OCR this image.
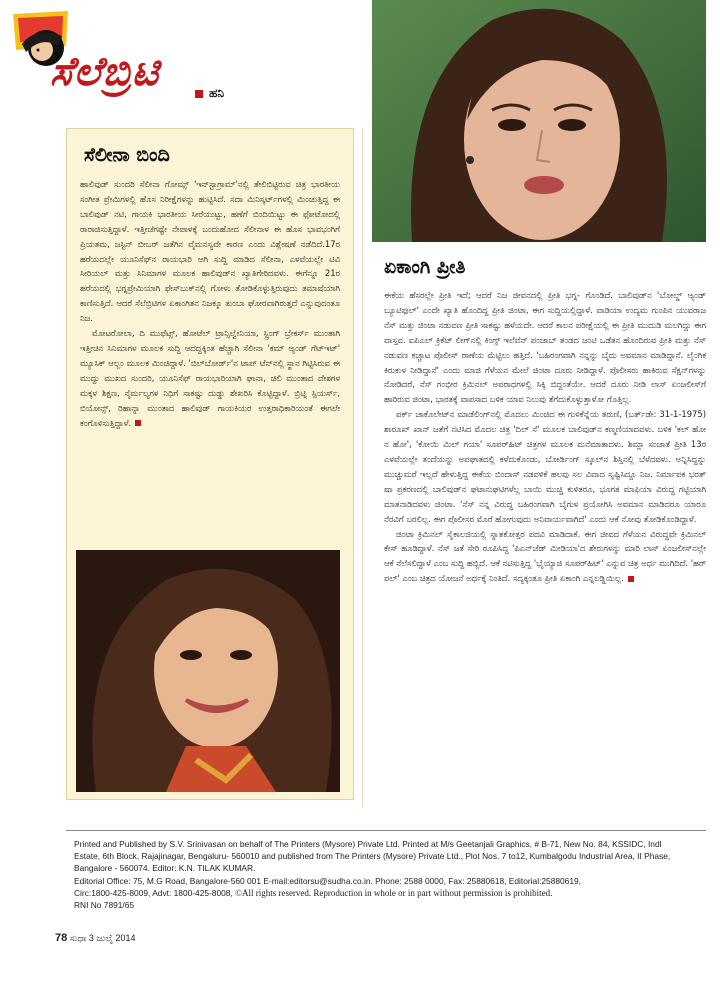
ಸೆಲೆಬ್ರಿಟಿ	ಹನಿ
ಸೆಲೀನಾ ಬಿಂದಿ

ಹಾಲಿವುಡ್ ಸುಂದರಿ ಸೆಲೀನಾ ಗೋಮ್ಸ್ 'ಇನ್‌ಸ್ಟಾಗ್ರಾಮ್'ನಲ್ಲಿ ತೇಲಿಬಿಟ್ಟಿರುವ ಚಿತ್ರ ಭಾರತೀಯ ಸಂಗೀತ ಪ್ರೇಮಿಗಳಲ್ಲಿ ಹೊಸ ನಿರೀಕ್ಷೆಗಳನ್ನು ಹುಟ್ಟಿಸಿದೆ. ಸದಾ ಮಿನಿಸ್ಕರ್ಟ್‌ಗಳಲ್ಲಿ ಮಿಂಚುತ್ತಿದ್ದ ಈ ಬಾಲಿವುಡ್ ನಟಿ, ಗಾಯಕಿ ಭಾರತೀಯ ಸೀರೆಯುಟ್ಟು, ಹಣೆಗೆ ಬಿಂದಿಯಿಟ್ಟು ಈ ಫೋಟೋದಲ್ಲಿ ರಾರಾಜಿಸುತ್ತಿದ್ದಾಳೆ. ಇತ್ತೀಚೆಗಷ್ಟೇ ನೇಪಾಳಕ್ಕೆ ಬಂದುಹೋದ ಸೆಲೀನಾಳ ಈ ಹೊಸ ಭಾವಭಂಗಿಗೆ ಪ್ರಿಯತಮ, ಜಸ್ಟಿನ್ ಬೀಬರ್ ಜತೆಗಿನ ವೈಮನಸ್ಯವೇ ಕಾರಣ ಎಂದು ವಿಶ್ಲೇಷಣೆ ನಡೆದಿದೆ.17ರ ಹರೆಯದಲ್ಲೇ ಯೂನಿಸೆಫ್‌ನ ರಾಯಭಾರಿ ಆಗಿ ಸುದ್ದಿ ಮಾಡಿದ ಸೆಲೀನಾ, ಎಳವೆಯಲ್ಲೇ ಟಿವಿ ಸೀರಿಯಲ್ ಮತ್ತು ಸಿನಿಮಾಗಳ ಮೂಲಕ ಹಾಲಿವುಡ್‌ನ ಖ್ಯಾತಿಗೇರಿದವಳು. ಈಗೆನ್ನೂ 21ರ ಹರೆಯದಲ್ಲಿ ಭಗ್ನಪ್ರೇಮಿಯಾಗಿ ಫೇಸ್‌ಬುಕ್‌ನಲ್ಲಿ ಗೋಳು ತೋಡಿಕೊಳ್ಳುತ್ತಿರುವುದು ತಮಾಷೆಯಾಗಿ ಕಾಣಿಸುತ್ತಿದೆ. ಆದರೆ ಸೆಲೆಬ್ರಿಟಿಗಳ ಏಕಾಂಗಿತನ ನಿಜಕ್ಕೂ ತುಂಬಾ ಘೋರವಾಗಿರುತ್ತದೆ ಎನ್ನುವುದಂತೂ ನಿಜ.

ಮೋಟರೋಲಾ, ದಿ ಮುಫೆಟ್ಸ್, ಹೋಟೆಲ್ ಟ್ರಾನ್ಸಿಲ್ವೇನಿಯಾ, ಸ್ಪ್ರಿಂಗ್ ಬ್ರೇಕರ್ಸ್ ಮುಂತಾಗಿ ಇತ್ತೀಚಿನ ಸಿನಿಮಾಗಳ ಮೂಲಕ ಸುದ್ದಿ ಆದದ್ದಕ್ಕಿಂತ ಹೆಚ್ಚಾಗಿ ಸೆಲೀನಾ 'ಕಮ್ ಆ್ಯಂಡ್ ಗೆಟ್‌ಇಟ್' ಮ್ಯೂಸಿಕ್ ಆಲ್ಬಂ ಮೂಲಕ ಮಿಂಚಿದ್ದಾಳೆ. 'ಬಿಲ್‌ಬೋರ್ಡ್'ನ ಟಾಪ್ ಟೆನ್‌ನಲ್ಲಿ ಸ್ಥಾನ ಗಿಟ್ಟಿಸಿರುವ ಈ ಮುದ್ದು ಮುಖದ ಸುಂದರಿ, ಯೂನಿಸೆಫ್ ರಾಯಭಾರಿಯಾಗಿ ಘಾನಾ, ಚಿಲಿ ಮುಂತಾದ ದೇಶಗಳ ಮಕ್ಕಳ ಶಿಕ್ಷಣ, ನೈರ್ಮಲ್ಯಗಳ ನಿಧಿಗೆ ಸಾಕಷ್ಟು ದುಡ್ಡು ಶೇಖರಿಸಿ ಕೊಟ್ಟಿದ್ದಾಳೆ. ಬ್ರಿಟ್ನಿ ಸ್ಪಿಯರ್ಸ್, ಬಿಯೋನ್ಸ್, ರಿಹಾನ್ನಾ ಮುಂತಾದ ಹಾಲಿವುಡ್ ಗಾಯಕಿಯರ ಉತ್ತರಾಧಿಕಾರಿಯಂತೆ ಈಗಲೇ ಕಂಗೊಳಿಸುತ್ತಿದ್ದಾಳೆ.

ಏಕಾಂಗಿ ಪ್ರೀತಿ

ಈಕೆಯ ಹೆಸರಲ್ಲೇ ಪ್ರೀತಿ ಇದೆ; ಆದರೆ ನಿಜ ಜೀವನದಲ್ಲಿ ಪ್ರೀತಿ ಭಗ್ನ- ಗೊಂಡಿದೆ. ಬಾಲಿವುಡ್‌ನ 'ಬೋಲ್ಡ್ ಆ್ಯಂಡ್ ಬ್ಯೂಟಿಫುಲ್' ಎಂದೇ ಖ್ಯಾತಿ ಹೊಂದಿದ್ದ ಪ್ರೀತಿ ಜಿಂಟಾ, ಈಗ ಸುದ್ದಿಯಲ್ಲಿದ್ದಾಳೆ. ವಾಡಿಯಾ ಉದ್ಯಮ ಗುಂಪಿನ ಯುವರಾಜ ನೆಸ್ ಮತ್ತು ಜಿಂಟಾ ನಡುವಣ ಪ್ರೀತಿ ಸಾಕಷ್ಟು ಹಳೆಯದೇ. ಆದರೆ ಕಾಲನ ಪರೀಕ್ಷೆಯಲ್ಲಿ ಈ ಪ್ರೀತಿ ಮುದುಡಿ ಮಲಗಿದ್ದು ಈಗ ವಾಸ್ತವ. ಐಪಿಎಲ್ ಕ್ರಿಕೆಟ್ ಲೀಗ್‌ನಲ್ಲಿ ಕಿಂಗ್ಸ್ ಇಲೆವೆನ್ ಪಂಜಾಬ್ ತಂಡದ ಜಂಟಿ ಒಡೆತನ ಹೊಂದಿರುವ ಪ್ರೀತಿ ಮತ್ತು ನೆಸ್ ನಡುವಣ ಕಚ್ಚಾಟ ಪೊಲೀಸ್ ಠಾಣೆಯ ಮೆಟ್ಟಿಲು ಹತ್ತಿದೆ. 'ಬಹಿರಂಗವಾಗಿ ನನ್ನನ್ನು ಬೈದು ಅವಮಾನ ಮಾಡಿದ್ದಾನೆ. ಲೈಂಗಿಕ ಕಿರುಕುಳ ನೀಡಿದ್ದಾನೆ' ಎಂದು ಮಾಜಿ ಗೆಳೆಯನ ಮೇಲೆ ಜಿಂಟಾ ದೂರು ನೀಡಿದ್ದಾಳೆ. ಪೊಲೀಸರು ಹಾಕಿರುವ ಸೆಕ್ಷನ್‌ಗಳನ್ನು ನೋಡಿದರೆ, ನೆಸ್ ಗಂಭೀರ ಕ್ರಿಮಿನಲ್ ಅಪರಾಧಗಳಲ್ಲಿ ಸಿಕ್ಕಿ ಬಿದ್ದಂತೆಯೇ. ಆದರೆ ದೂರು ನೀಡಿ ಲಾಸ್ ಏಂಜಲೀಸ್‌ಗೆ ಹಾರಿರುವ ಜಿಂಟಾ, ಭಾರತಕ್ಕೆ ವಾಪಸಾದ ಬಳಿಕ ಯಾವ ನಿಲುವು ತೆಗೆದುಕೊಳ್ಳುತ್ತಾಳೋ ಗೊತ್ತಿಲ್ಲ.

ಪರ್ಕ್ ಚಾಕೊಲೇಟ್‌ನ ಮಾಡೆಲಿಂಗ್‌ನಲ್ಲಿ ಮೊದಲು ಮಿಂಚಿದ ಈ ಗುಳಿಕೆನ್ನೆಯ ತರುಣಿ, (ಬರ್ತ್‌ಡೇ: 31-1-1975) ಶಾರೂಖ್ ಖಾನ್ ಜತೆಗೆ ನಟಿಸಿದ ಮೊದಲ ಚಿತ್ರ 'ದಿಲ್ ಸೆ' ಮೂಲಕ ಬಾಲಿವುಡ್‌ನ ಕಣ್ಮಣಿಯಾದವಳು. ಬಳಿಕ 'ಕಲ್ ಹೋ ನ ಹೋ', 'ಕೋಯಿ ಮಿಲ್ ಗಯಾ' ಸೂಪರ್‌ಹಿಟ್ ಚಿತ್ರಗಳ ಮೂಲಕ ಮನೆಮಾತಾದಳು. ಶಿಮ್ಲಾ ಸಂಜಾತೆ ಪ್ರೀತಿ 13ರ ಎಳವೆಯಲ್ಲೇ ತಂದೆಯನ್ನು ಅಪಘಾತದಲ್ಲಿ ಕಳೆದುಕೊಂಡು, ಬೋರ್ಡಿಂಗ್ ಸ್ಕೂಲ್‌ನ ಶಿಸ್ತಿನಲ್ಲಿ ಬೆಳೆದವಳು. ಅನ್ನಿಸಿದ್ದನ್ನು ಮುಚ್ಚುಮರೆ ಇಲ್ಲದೆ ಹೇಳುತ್ತಿದ್ದ ಈಕೆಯ ಬಿಂದಾಸ್ ನಡವಳಿಕೆ ಹಲವು ಸಲ ವಿವಾದ ಸೃಷ್ಟಿಸಿದ್ದೂ ನಿಜ. ನಿರ್ಮಾಪಕ ಭರತ್ ಷಾ ಪ್ರಕರಣದಲ್ಲಿ ಬಾಲಿವುಡ್‌ನ ಘಟಾನುಘಟಿಗಳೆಲ್ಲ ಬಾಯಿ ಮುಚ್ಚಿ ಕುಳಿತರೂ, ಭೂಗತ ಮಾಫಿಯಾ ವಿರುದ್ಧ ಗಟ್ಟಿಯಾಗಿ ಮಾತನಾಡಿದವಳು ಜಿಂಟಾ. 'ನೆಸ್ ನನ್ನ ವಿರುದ್ಧ ಬಹಿರಂಗವಾಗಿ ಬೈಗುಳ ಪ್ರಯೋಗಿಸಿ ಅವಮಾನ ಮಾಡಿದರೂ ಯಾರೂ ನೆರವಿಗೆ ಬರಲಿಲ್ಲ. ಈಗ ಪೊಲೀಸರ ಮೊರೆ ಹೋಗುವುದು ಅನಿವಾರ್ಯವಾಗಿದೆ' ಎಂದು ಆಕೆ ನೋವು ತೋಡಿಕೊಂಡಿದ್ದಾಳೆ.

ಜಿಂಟಾ ಕ್ರಿಮಿನಲ್ ಸೈಕಾಲಜಿಯಲ್ಲಿ ಸ್ನಾತಕೋತ್ತರ ಪದವಿ ಮಾಡಿದಾಕೆ. ಈಗ ಜೀವದ ಗೆಳೆಯನ ವಿರುದ್ಧವೇ ಕ್ರಿಮಿನಲ್ ಕೇಸ್ ಹೂಡಿದ್ದಾಳೆ. ನೆಸ್ ಜತೆ ಸೇರಿ ರೂಪಿಸಿದ್ದ 'ಪಿಎನ್‌ಜೆಡ್ ಮೀಡಿಯಾ'ದ ಶೇರುಗಳನ್ನು ಮಾರಿ ಲಾಸ್ ಏಂಜಲೀಸ್‌ನಲ್ಲೇ ಆಕೆ ನೆಲೆಸಲಿದ್ದಾಳೆ ಎಂಬ ಸುದ್ದಿ ಹಬ್ಬಿದೆ. ಆಕೆ ನಟಿಸುತ್ತಿದ್ದ 'ಭೈಯ್ಯಾಜಿ ಸೂಪರ್‌ಹಿಟ್' ಎನ್ನುವ ಚಿತ್ರ ಅರ್ಧ ಮುಗಿದಿದೆ. 'ಹರ್ ಪಲ್' ಎಂಬ ಚಿತ್ರದ ಯೋಜನೆ ಅರ್ಧಕ್ಕೆ ನಿಂತಿದೆ. ಸದ್ಯಕ್ಕಂತೂ ಪ್ರೀತಿ ಏಕಾಂಗಿ ಎನ್ನಲಡ್ಡಿಯಿಲ್ಲ.

Printed and Published by S.V. Srinivasan on behalf of The Printers (Mysore) Private Ltd. Printed at M/s Geetanjali Graphics, # B-71, New No. 84, KSSIDC, Indl Estate, 6th Block, Rajajinagar, Bengaluru- 560010 and published from The Printers (Mysore) Private Ltd., Plot Nos. 7 to12, Kumbalgodu Industrial Area, II Phase, Bangalore - 560074. Editor: K.N. TILAK KUMAR.

Editorial Office: 75, M.G Road, Bangalore-560 001 E-mail:editorsu@sudha.co.in. Phone: 2588 0000, Fax: 25880618, Editorial:25880619,

Circ:1800-425-8009, Advt: 1800-425-8008, ©All rights reserved. Reproduction in whole or in part without permission is prohibited.

RNI No 7891/65

78 ಸುಧಾ 3 ಜುಲೈ 2014
